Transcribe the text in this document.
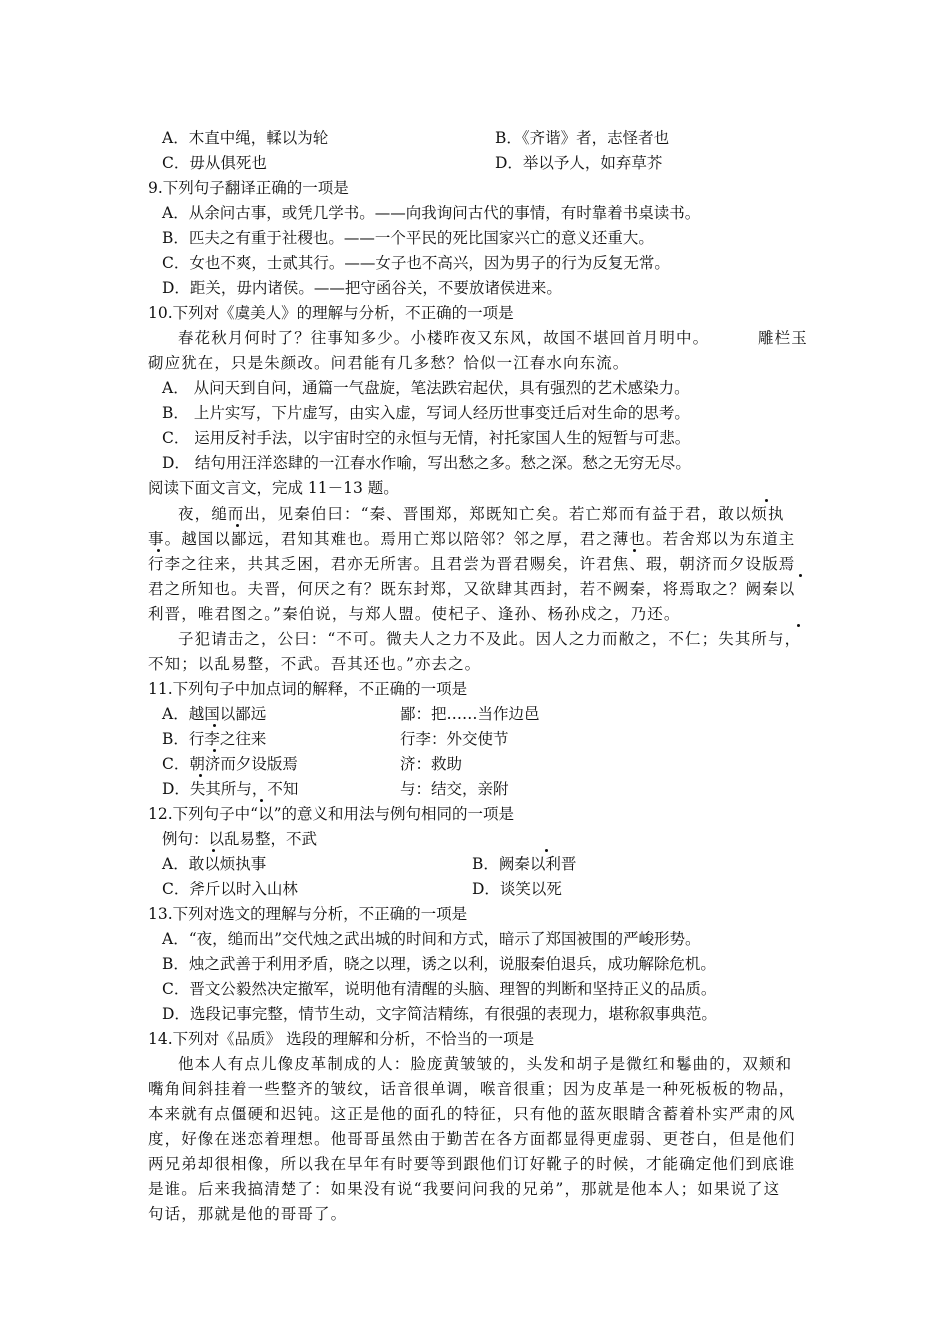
A．木直中绳，輮以为轮	B．《齐谐》者，志怪者也
C．毋从俱死也	D．举以予人，如弃草芥
9.下列句子翻译正确的一项是
A．从余问古事，或凭几学书。——向我询问古代的事情，有时靠着书桌读书。
B．匹夫之有重于社稷也。——一个平民的死比国家兴亡的意义还重大。
C．女也不爽，士贰其行。——女子也不高兴，因为男子的行为反复无常。
D．距关，毋内诸侯。——把守函谷关，不要放诸侯进来。
10.下列对《虞美人》的理解与分析，不正确的一项是
春花秋月何时了？往事知多少。小楼昨夜又东风，故国不堪回首月明中。	雕栏玉
砌应犹在，只是朱颜改。问君能有几多愁？恰似一江春水向东流。
A． 从问天到自问，通篇一气盘旋，笔法跌宕起伏，具有强烈的艺术感染力。
B． 上片实写，下片虚写，由实入虚，写词人经历世事变迁后对生命的思考。
C． 运用反衬手法，以宇宙时空的永恒与无情，衬托家国人生的短暂与可悲。
D． 结句用汪洋恣肆的一江春水作喻，写出愁之多。愁之深。愁之无穷无尽。
阅读下面文言文，完成 11－13 题。
夜，缒而出，见秦伯曰：“秦、晋围郑，郑既知亡矣。若亡郑而有益于君，敢以烦执
事。越国以鄙远，君知其难也。焉用亡郑以陪邻？邻之厚，君之薄也。若舍郑以为东道主
行李之往来，共其乏困，君亦无所害。且君尝为晋君赐矣，许君焦、瑕，朝济而夕设版焉
君之所知也。夫晋，何厌之有？既东封郑，又欲肆其西封，若不阙秦，将焉取之？阙秦以
利晋，唯君图之。”秦伯说，与郑人盟。使杞子、逢孙、杨孙戍之，乃还。
子犯请击之，公曰：“不可。微夫人之力不及此。因人之力而敝之，不仁；失其所与，
不知；以乱易整，不武。吾其还也。”亦去之。
11.下列句子中加点词的解释，不正确的一项是
A．越国以鄙远	鄙：把……当作边邑
B．行李之往来	行李：外交使节
C．朝济而夕设版焉	济：救助
D．失其所与，不知	与：结交，亲附
12.下列句子中“以”的意义和用法与例句相同的一项是
例句：以乱易整，不武
A．敢以烦执事	B．阙秦以利晋
C．斧斤以时入山林	D．谈笑以死
13.下列对选文的理解与分析，不正确的一项是
A．“夜，缒而出”交代烛之武出城的时间和方式，暗示了郑国被围的严峻形势。
B．烛之武善于利用矛盾，晓之以理，诱之以利，说服秦伯退兵，成功解除危机。
C．晋文公毅然决定撤军，说明他有清醒的头脑、理智的判断和坚持正义的品质。
D．选段记事完整，情节生动，文字简洁精练，有很强的表现力，堪称叙事典范。
14.下列对《品质》 选段的理解和分析，不恰当的一项是
他本人有点儿像皮革制成的人：脸庞黄皱皱的，头发和胡子是微红和鬈曲的，双颊和
嘴角间斜挂着一些整齐的皱纹，话音很单调，喉音很重；因为皮革是一种死板板的物品，
本来就有点僵硬和迟钝。这正是他的面孔的特征，只有他的蓝灰眼睛含蓄着朴实严肃的风
度，好像在迷恋着理想。他哥哥虽然由于勤苦在各方面都显得更虚弱、更苍白，但是他们
两兄弟却很相像，所以我在早年有时要等到跟他们订好靴子的时候，才能确定他们到底谁
是谁。后来我搞清楚了：如果没有说“我要问问我的兄弟”，那就是他本人；如果说了这
句话，那就是他的哥哥了。
